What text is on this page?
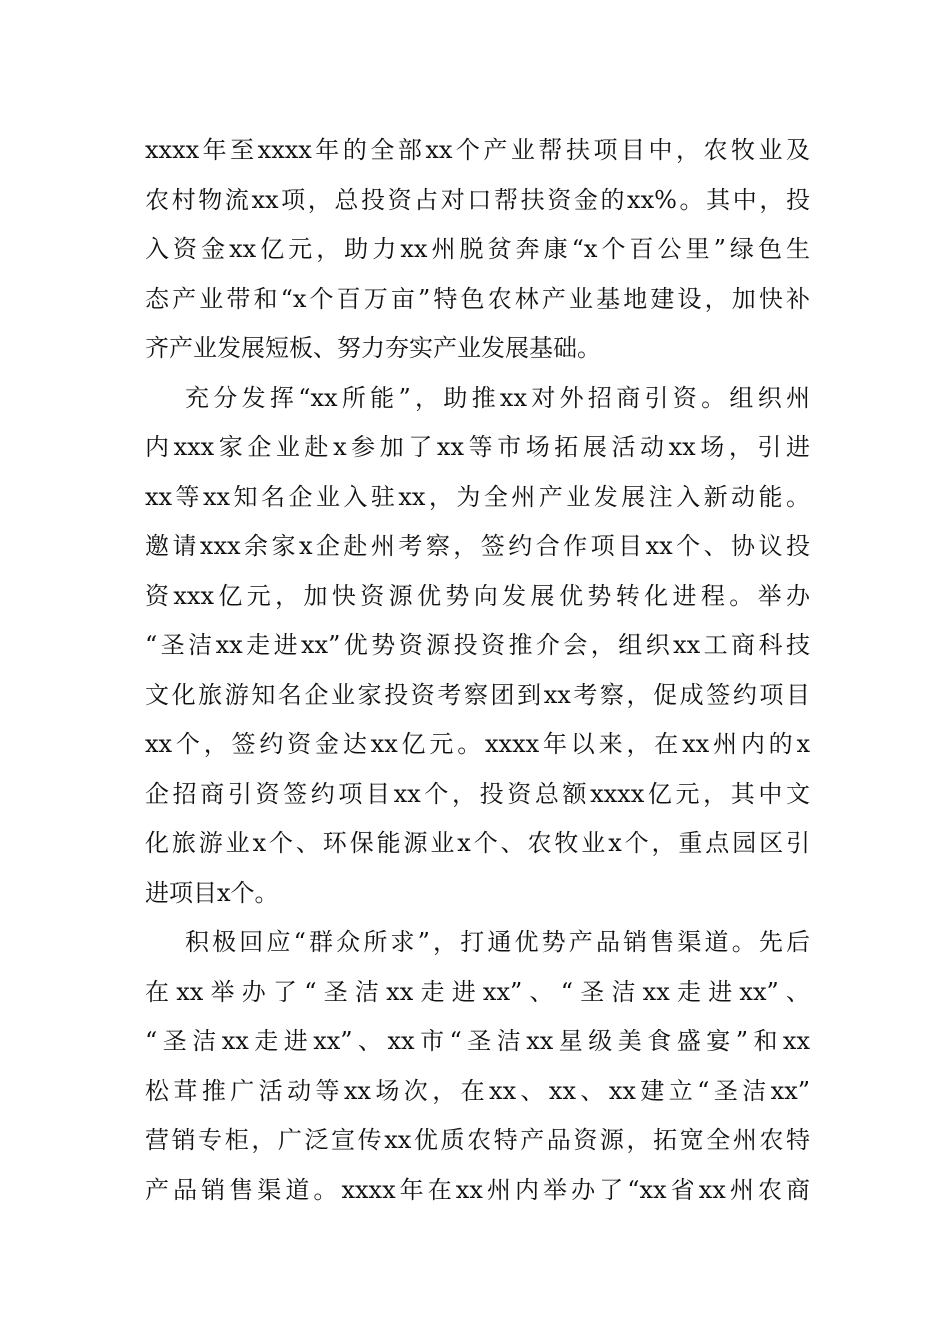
xxxx年至xxxx年的全部xx个产业帮扶项目中，农牧业及
农村物流xx项，总投资占对口帮扶资金的xx%。其中，投
入资金xx亿元，助力xx州脱贫奔康“x个百公里”绿色生
态产业带和“x个百万亩”特色农林产业基地建设，加快补
齐产业发展短板、努力夯实产业发展基础。

充分发挥“xx所能”，助推xx对外招商引资。组织州
内xxx家企业赴x参加了xx等市场拓展活动xx场，引进
xx等xx知名企业入驻xx，为全州产业发展注入新动能。
邀请xxx余家x企赴州考察，签约合作项目xx个、协议投
资xxx亿元，加快资源优势向发展优势转化进程。举办
“圣洁xx走进xx”优势资源投资推介会，组织xx工商科技
文化旅游知名企业家投资考察团到xx考察，促成签约项目
xx个，签约资金达xx亿元。xxxx年以来，在xx州内的x
企招商引资签约项目xx个，投资总额xxxx亿元，其中文
化旅游业x个、环保能源业x个、农牧业x个，重点园区引
进项目x个。

积极回应“群众所求”，打通优势产品销售渠道。先后
在xx举办了“圣洁xx走进xx”、“圣洁xx走进xx”、
“圣洁xx走进xx”、xx市“圣洁xx星级美食盛宴”和xx
松茸推广活动等xx场次，在xx、xx、xx建立“圣洁xx”
营销专柜，广泛宣传xx优质农特产品资源，拓宽全州农特
产品销售渠道。xxxx年在xx州内举办了“xx省xx州农商
